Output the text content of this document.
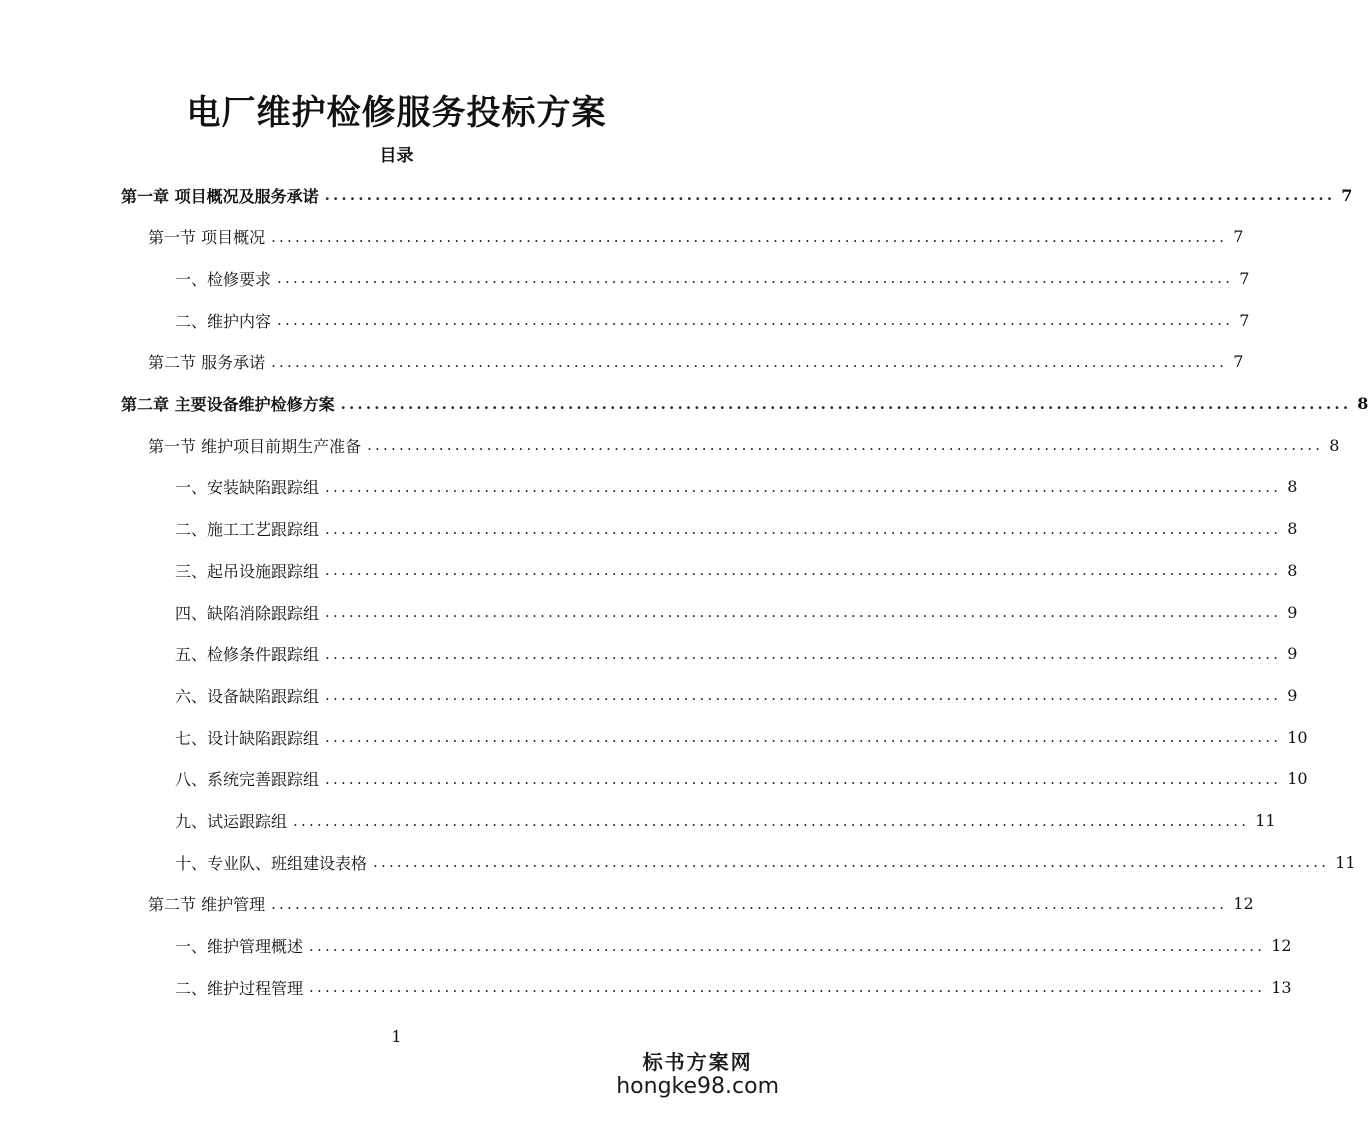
电厂维护检修服务投标方案
目录
第一章 项目概况及服务承诺 ........................................................................................................................ 7
第一节 项目概况 ........................................................................................................................ 7
一、检修要求 ........................................................................................................................ 7
二、维护内容 ........................................................................................................................ 7
第二节 服务承诺 ........................................................................................................................ 7
第二章 主要设备维护检修方案 ........................................................................................................................ 8
第一节 维护项目前期生产准备 ........................................................................................................................ 8
一、安装缺陷跟踪组 ........................................................................................................................ 8
二、施工工艺跟踪组 ........................................................................................................................ 8
三、起吊设施跟踪组 ........................................................................................................................ 8
四、缺陷消除跟踪组 ........................................................................................................................ 9
五、检修条件跟踪组 ........................................................................................................................ 9
六、设备缺陷跟踪组 ........................................................................................................................ 9
七、设计缺陷跟踪组 ........................................................................................................................ 10
八、系统完善跟踪组 ........................................................................................................................ 10
九、试运跟踪组 ........................................................................................................................ 11
十、专业队、班组建设表格 ........................................................................................................................ 11
第二节 维护管理 ........................................................................................................................ 12
一、维护管理概述 ........................................................................................................................ 12
二、维护过程管理 ........................................................................................................................ 13
1
标书方案网
hongke98.com
